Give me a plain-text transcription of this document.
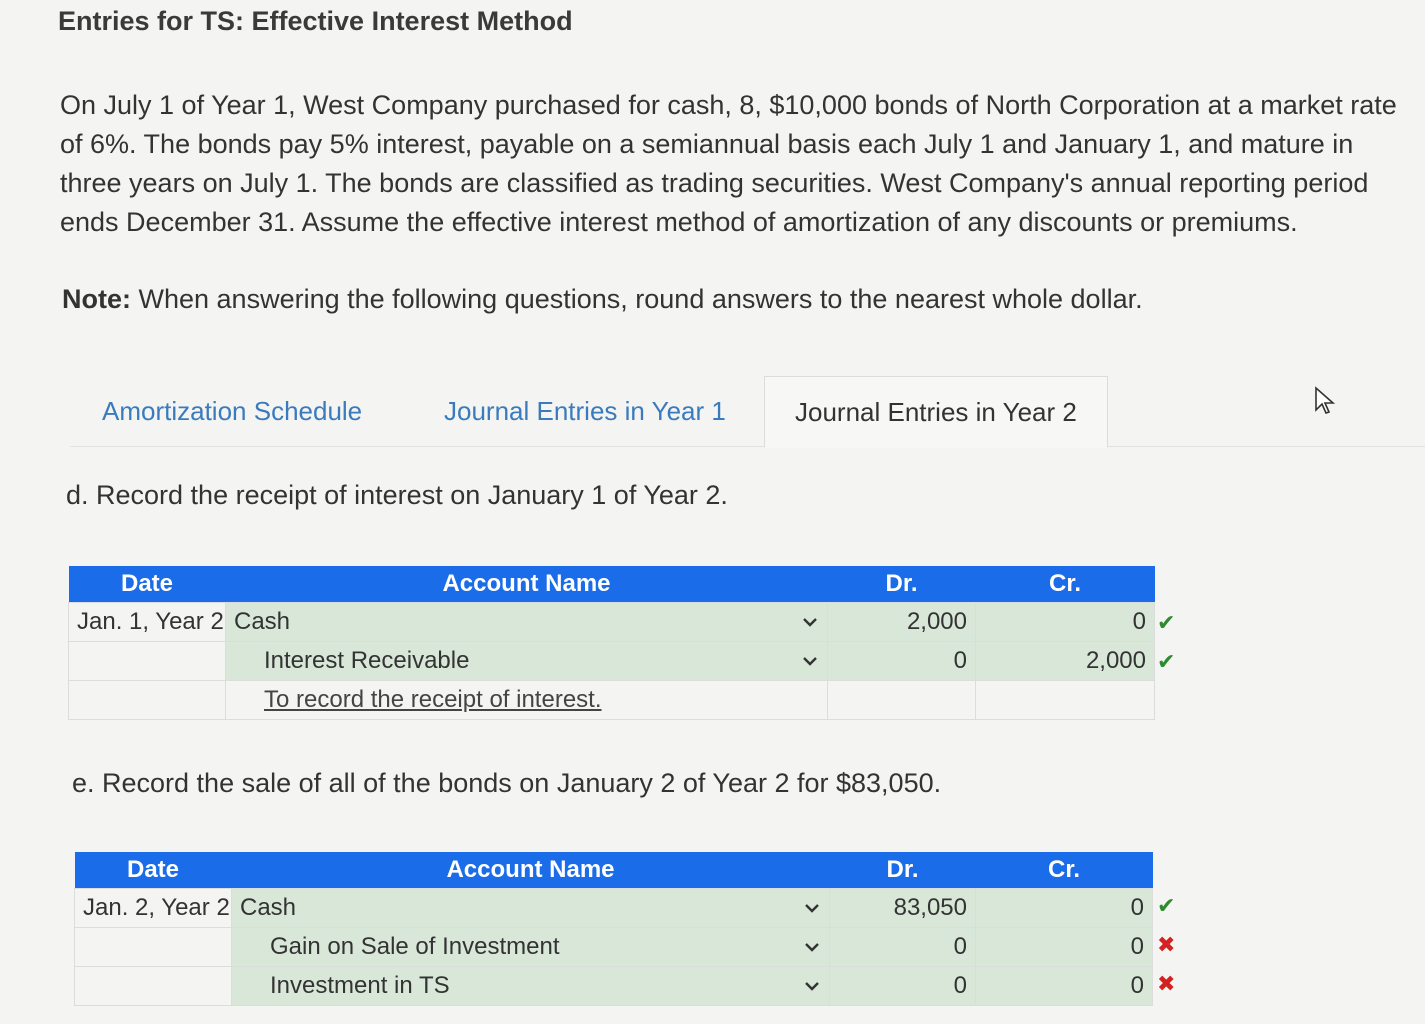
Entries for TS: Effective Interest Method
On July 1 of Year 1, West Company purchased for cash, 8, $10,000 bonds of North Corporation at a market rate of 6%. The bonds pay 5% interest, payable on a semiannual basis each July 1 and January 1, and mature in three years on July 1. The bonds are classified as trading securities. West Company's annual reporting period ends December 31. Assume the effective interest method of amortization of any discounts or premiums.
Note: When answering the following questions, round answers to the nearest whole dollar.
Amortization Schedule	Journal Entries in Year 1	Journal Entries in Year 2
d. Record the receipt of interest on January 1 of Year 2.
Date	Account Name	Dr.	Cr.
Jan. 1, Year 2	Cash	2,000	0
	Interest Receivable	0	2,000
	To record the receipt of interest.		
✔
✔
e. Record the sale of all of the bonds on January 2 of Year 2 for $83,050.
Date	Account Name	Dr.	Cr.
Jan. 2, Year 2	Cash	83,050	0
	Gain on Sale of Investment	0	0
	Investment in TS	0	0
✔
✖
✖
